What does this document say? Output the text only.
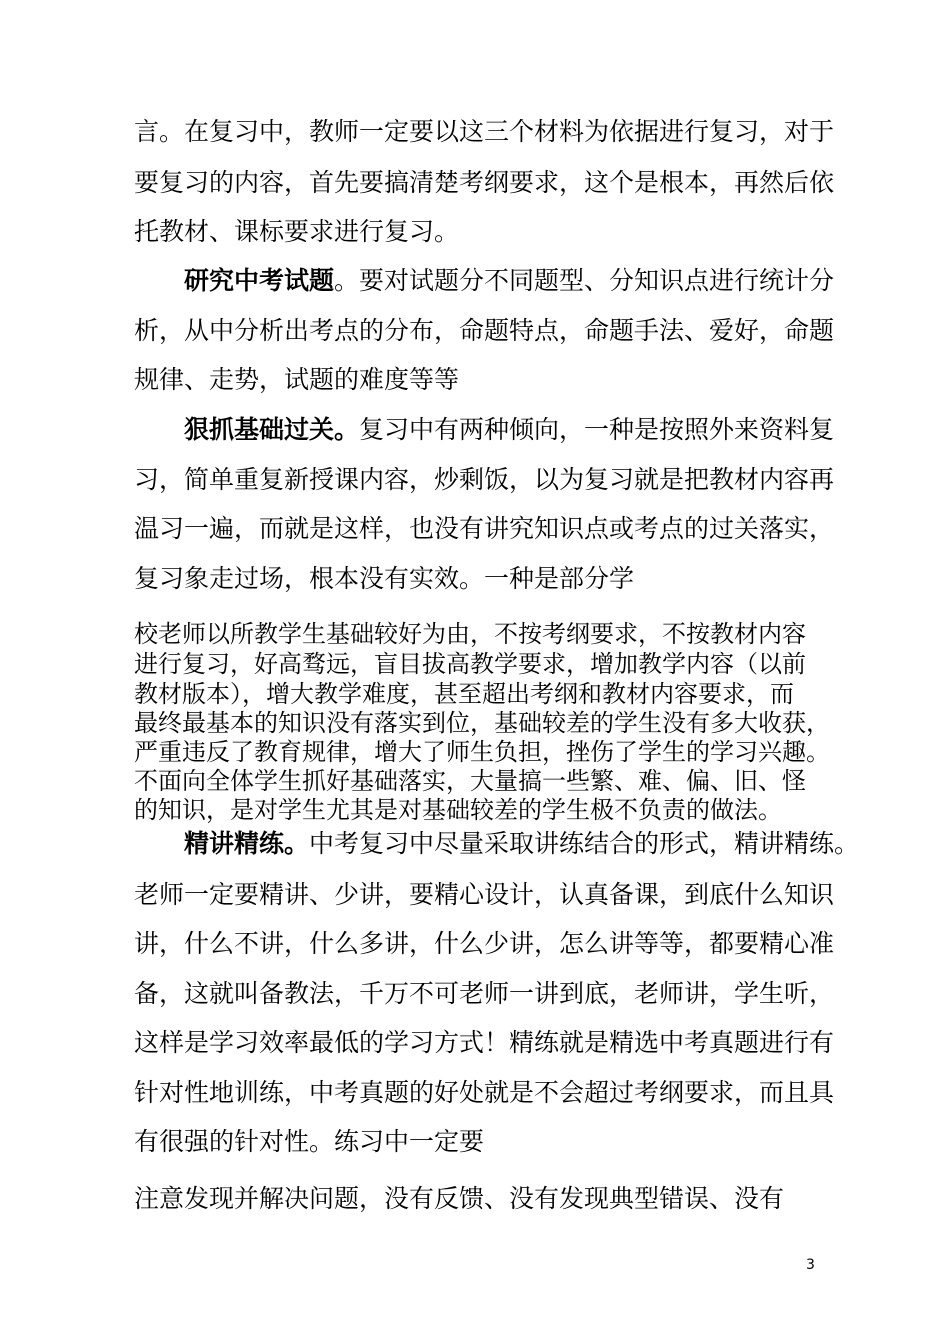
言。在复习中，教师一定要以这三个材料为依据进行复习，对于

要复习的内容，首先要搞清楚考纲要求，这个是根本，再然后依

托教材、课标要求进行复习。

研究中考试题。要对试题分不同题型、分知识点进行统计分

析，从中分析出考点的分布，命题特点，命题手法、爱好，命题

规律、走势，试题的难度等等

狠抓基础过关。复习中有两种倾向，一种是按照外来资料复

习，简单重复新授课内容，炒剩饭，以为复习就是把教材内容再

温习一遍，而就是这样，也没有讲究知识点或考点的过关落实，

复习象走过场，根本没有实效。一种是部分学

校老师以所教学生基础较好为由，不按考纲要求，不按教材内容

进行复习，好高骛远，盲目拔高教学要求，增加教学内容（以前

教材版本），增大教学难度，甚至超出考纲和教材内容要求，而

最终最基本的知识没有落实到位，基础较差的学生没有多大收获，

严重违反了教育规律，增大了师生负担，挫伤了学生的学习兴趣。

不面向全体学生抓好基础落实，大量搞一些繁、难、偏、旧、怪

的知识，是对学生尤其是对基础较差的学生极不负责的做法。

精讲精练。中考复习中尽量采取讲练结合的形式，精讲精练。

老师一定要精讲、少讲，要精心设计，认真备课，到底什么知识

讲，什么不讲，什么多讲，什么少讲，怎么讲等等，都要精心准

备，这就叫备教法，千万不可老师一讲到底，老师讲，学生听，

这样是学习效率最低的学习方式！精练就是精选中考真题进行有

针对性地训练，中考真题的好处就是不会超过考纲要求，而且具

有很强的针对性。练习中一定要

注意发现并解决问题，没有反馈、没有发现典型错误、没有

3
